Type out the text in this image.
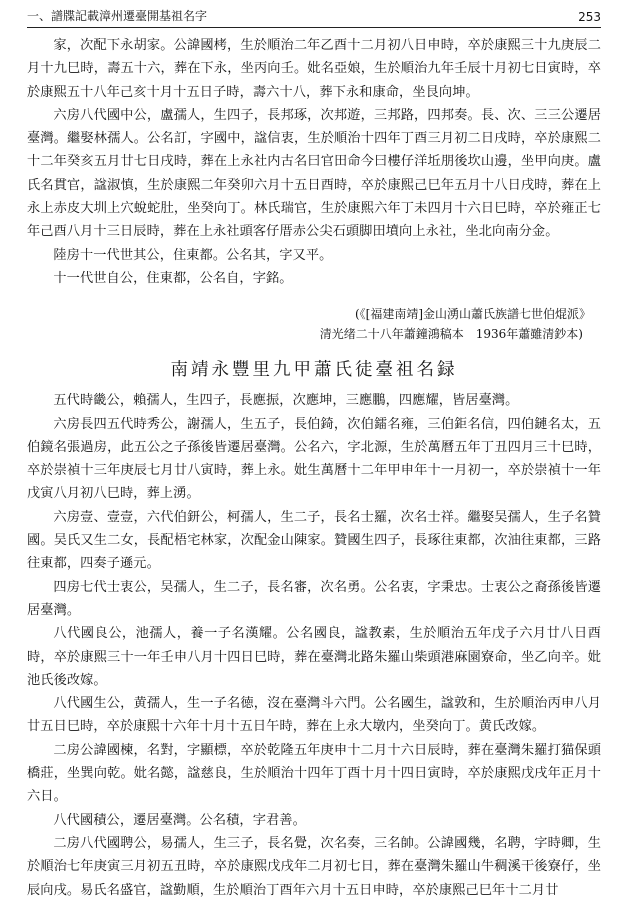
一、譜牒記載漳州遷臺開基祖名字	253

家，次配下永胡家。公諱國栲，生於順治二年乙酉十二月初八日申時，卒於康熙三十九庚辰二月十九巳時，壽五十六，葬在下永，坐丙向壬。妣名亞娘，生於順治九年壬辰十月初七日寅時，卒於康熙五十八年己亥十月十五日子時，壽六十八，葬下永和康命，坐艮向坤。

六房八代國中公，盧孺人，生四子，長邦琢，次邦遊，三邦路，四邦奏。長、次、三三公遷居臺灣。繼娶林孺人。公名訂，字國中，諡信衷，生於順治十四年丁酉三月初二日戌時，卒於康熙二十二年癸亥五月廿七日戌時，葬在上永社内古名曰官田命今曰樓仔洋坵朋後坎山邊，坐甲向庚。盧氏名貫官，諡淑慎，生於康熙二年癸卯六月十五日酉時，卒於康熙己巳年五月十八日戌時，葬在上永上赤皮大圳上穴蛻蛇肚，坐癸向丁。林氏瑞官，生於康熙六年丁未四月十六日巳時，卒於雍正七年己酉八月十三日辰時，葬在上永社頭客仔厝赤公尖石頭脚田墳向上永社，坐北向南分金。

陸房十一代世其公，住東都。公名其，字又平。

十一代世自公，住東都，公名自，字銘。

(《[福建南靖]金山湧山蕭氏族譜七世伯焜派》
清光绪二十八年蕭鐘鴻稿本　1936年蕭雖清鈔本)
南靖永豐里九甲蕭氏徒臺祖名録

五代時畿公，賴孺人，生四子，長應振，次應坤，三應鵬，四應耀，皆居臺灣。

六房長四五代時秀公，謝孺人，生五子，長伯錡，次伯鐳名雍，三伯鉅名信，四伯鏈名太，五伯鏡名張過房，此五公之子孫後皆遷居臺灣。公名六，字北源，生於萬曆五年丁丑四月三十巳時，卒於崇禎十三年庚辰七月廿八寅時，葬上永。妣生萬曆十二年甲申年十一月初一，卒於崇禎十一年戊寅八月初八巳時，葬上湧。

六房壹、壹壹，六代伯鈃公，柯孺人，生二子，長名士羅，次名士祥。繼娶吴孺人，生子名贊國。吴氏又生二女，長配梧宅林家，次配金山陳家。贊國生四子，長琢往東都，次油往東都，三路往東都，四奏子遜元。

四房七代士衷公，吴孺人，生二子，長名審，次名勇。公名衷，字秉忠。士衷公之裔孫後皆遷居臺灣。

八代國良公，池孺人，養一子名漢耀。公名國良，諡教素，生於順治五年戊子六月廿八日酉時，卒於康熙三十一年壬申八月十四日巳時，葬在臺灣北路朱羅山柴頭港麻園寮命，坐乙向辛。妣池氏後改嫁。

八代國生公，黄孺人，生一子名徳，沒在臺灣斗六門。公名國生，諡敦和，生於順治丙申八月廿五日巳時，卒於康熙十六年十月十五日午時，葬在上永大墩内，坐癸向丁。黄氏改嫁。

二房公諱國楝，名對，字顯標，卒於乾隆五年庚申十二月十六日辰時，葬在臺灣朱羅打猫保頭橋莊，坐巽向乾。妣名懿，諡慈良，生於順治十四年丁酉十月十四日寅時，卒於康熙戊戌年正月十六日。

八代國積公，遷居臺灣。公名積，字君善。

二房八代國聘公，易孺人，生三子，長名覺，次名奏，三名帥。公諱國幾，名聘，字時卿，生於順治七年庚寅三月初五丑時，卒於康熙戊戌年二月初七日，葬在臺灣朱羅山牛稠溪干後寮仔，坐辰向戌。易氏名盛官，諡勤順，生於順治丁酉年六月十五日申時，卒於康熙己巳年十二月廿
